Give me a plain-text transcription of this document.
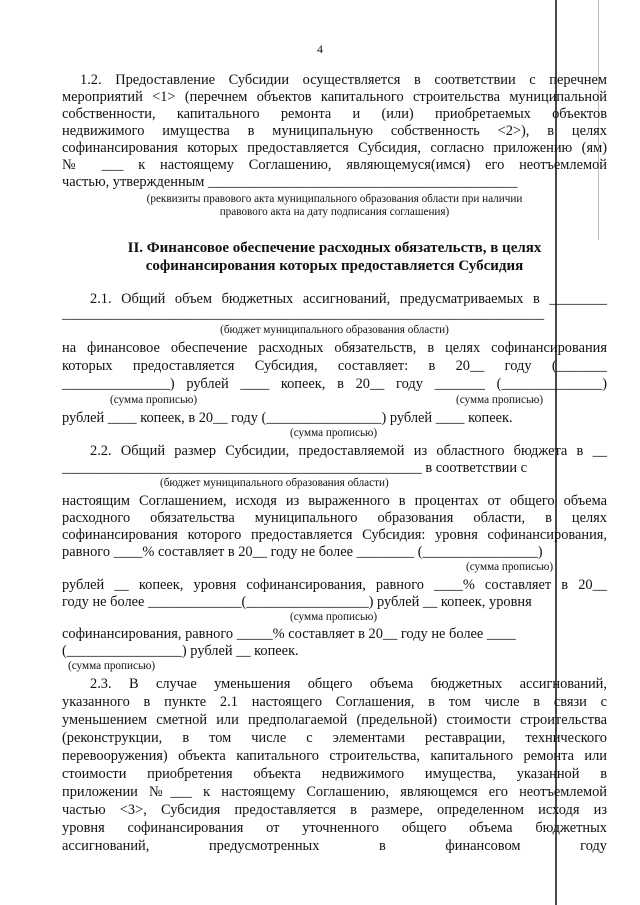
4
1.2. Предоставление Субсидии осуществляется в соответствии с перечнем
мероприятий <1> (перечнем объектов капитального строительства муниципальной
собственности, капитального ремонта и (или) приобретаемых объектов
недвижимого имущества в муниципальную собственность <2>), в целях
софинансирования которых предоставляется Субсидия, согласно приложению (ям)
№ ___ к настоящему Соглашению, являющемуся(имся) его неотъемлемой
частью, утвержденным ___________________________________________
(реквизиты правового акта муниципального образования области при наличии
правового акта на дату подписания соглашения)
II. Финансовое обеспечение расходных обязательств, в целях
софинансирования которых предоставляется Субсидия
2.1. Общий объем бюджетных ассигнований, предусматриваемых в ________
___________________________________________________________________
(бюджет муниципального образования области)
на финансовое обеспечение расходных обязательств, в целях софинансирования
которых предоставляется Субсидия, составляет: в 20__ году (_______
_______________) рублей ____ копеек, в 20__ году _______ (______________)
(сумма прописью)	(сумма прописью)
рублей ____ копеек, в 20__ году (________________) рублей ____ копеек.
(сумма прописью)
2.2. Общий размер Субсидии, предоставляемой из областного бюджета в __
__________________________________________________ в соответствии с
(бюджет муниципального образования области)
настоящим Соглашением, исходя из выраженного в процентах от общего объема
расходного обязательства муниципального образования области, в целях
софинансирования которого предоставляется Субсидия: уровня софинансирования,
равного ____% составляет в 20__ году не более ________ (________________)
(сумма прописью)
рублей __ копеек, уровня софинансирования, равного ____% составляет в 20__
году не более _____________(_________________) рублей __ копеек, уровня
(сумма прописью)
софинансирования, равного _____% составляет в 20__ году не более ____
(________________) рублей __ копеек.
(сумма прописью)
2.3. В случае уменьшения общего объема бюджетных ассигнований,
указанного в пункте 2.1 настоящего Соглашения, в том числе в связи с
уменьшением сметной или предполагаемой (предельной) стоимости строительства
(реконструкции, в том числе с элементами реставрации, технического
перевооружения) объекта капитального строительства, капитального ремонта или
стоимости приобретения объекта недвижимого имущества, указанной в
приложении №___ к настоящему Соглашению, являющемся его неотъемлемой
частью <3>, Субсидия предоставляется в размере, определенном исходя из
уровня софинансирования от уточненного общего объема бюджетных
ассигнований, предусмотренных в финансовом году
